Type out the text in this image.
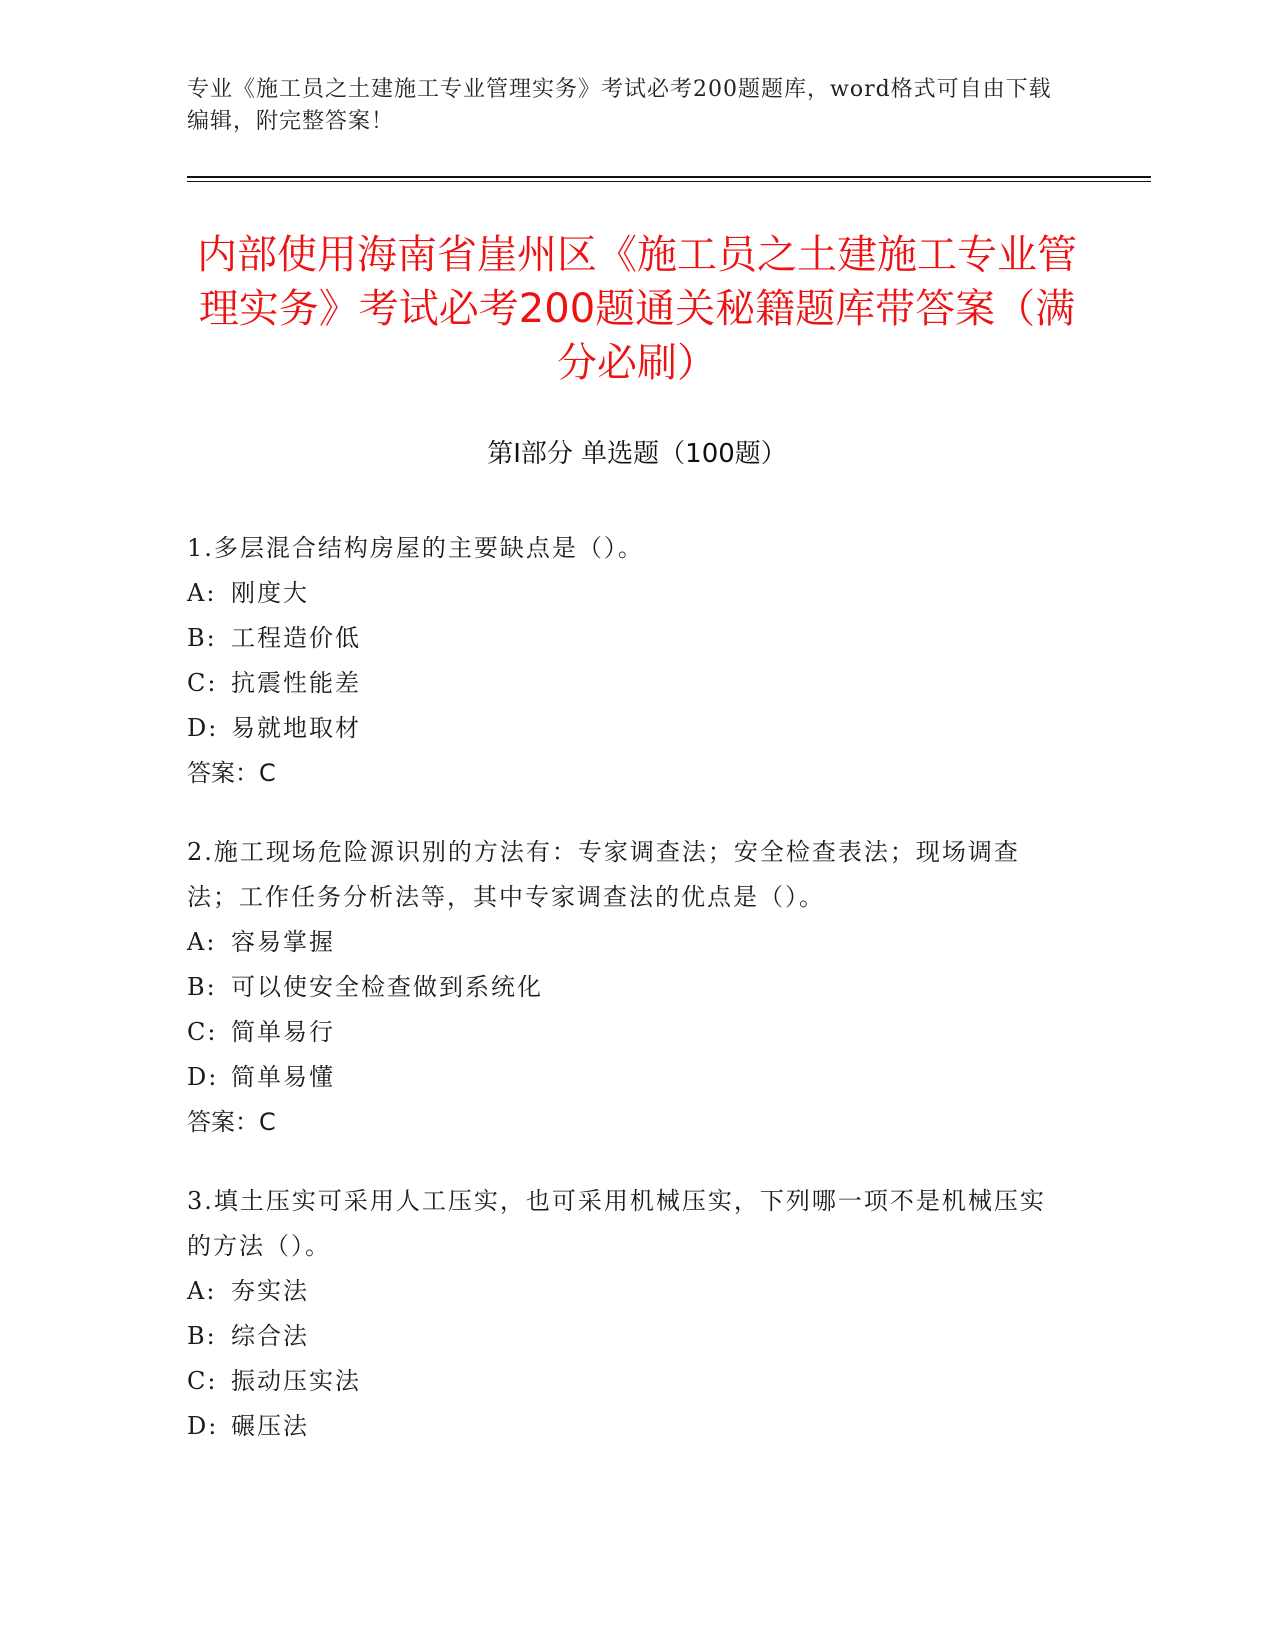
专业《施工员之土建施工专业管理实务》考试必考200题题库，word格式可自由下载编辑，附完整答案！
内部使用海南省崖州区《施工员之土建施工专业管理实务》考试必考200题通关秘籍题库带答案（满分必刷）
第Ⅰ部分 单选题（100题）
1.多层混合结构房屋的主要缺点是（）。
A: 刚度大
B: 工程造价低
C: 抗震性能差
D: 易就地取材
答案：C
2.施工现场危险源识别的方法有：专家调查法；安全检查表法；现场调查法；工作任务分析法等，其中专家调查法的优点是（）。
A: 容易掌握
B: 可以使安全检查做到系统化
C: 简单易行
D: 简单易懂
答案：C
3.填土压实可采用人工压实，也可采用机械压实，下列哪一项不是机械压实的方法（）。
A: 夯实法
B: 综合法
C: 振动压实法
D: 碾压法
